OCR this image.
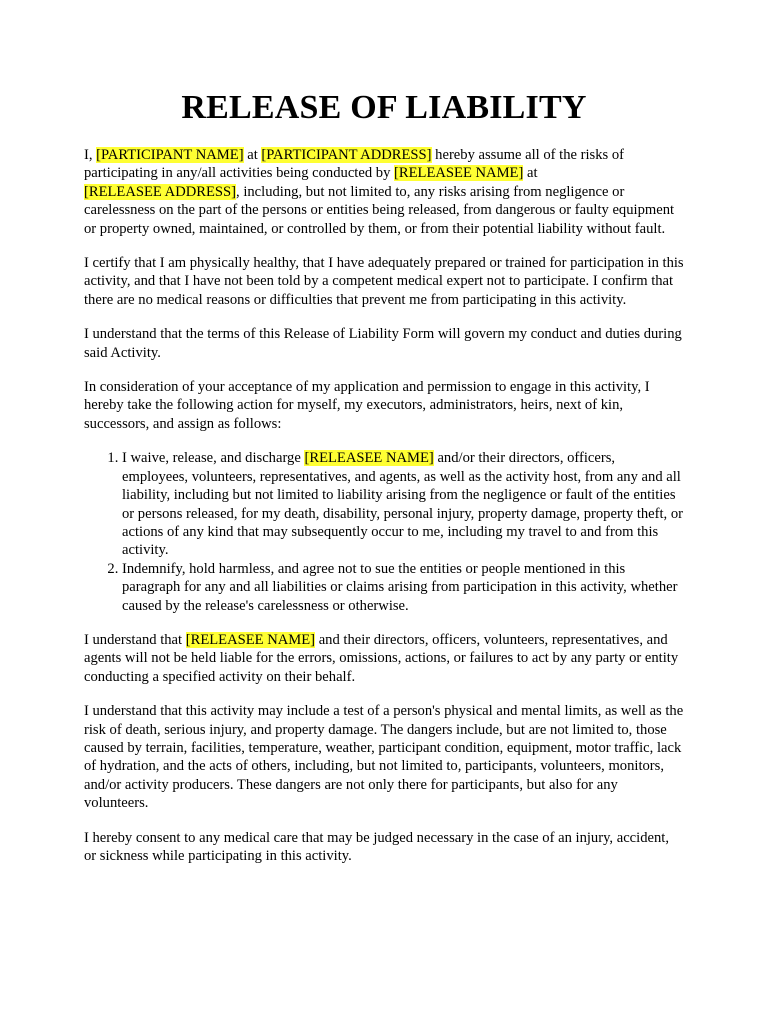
RELEASE OF LIABILITY

I, [PARTICIPANT NAME] at [PARTICIPANT ADDRESS] hereby assume all of the risks of participating in any/all activities being conducted by [RELEASEE NAME] at
[RELEASEE ADDRESS], including, but not limited to, any risks arising from negligence or carelessness on the part of the persons or entities being released, from dangerous or faulty equipment or property owned, maintained, or controlled by them, or from their potential liability without fault.

I certify that I am physically healthy, that I have adequately prepared or trained for participation in this activity, and that I have not been told by a competent medical expert not to participate. I confirm that there are no medical reasons or difficulties that prevent me from participating in this activity.

I understand that the terms of this Release of Liability Form will govern my conduct and duties during said Activity.

In consideration of your acceptance of my application and permission to engage in this activity, I hereby take the following action for myself, my executors, administrators, heirs, next of kin, successors, and assign as follows:

1. I waive, release, and discharge [RELEASEE NAME] and/or their directors, officers, employees, volunteers, representatives, and agents, as well as the activity host, from any and all liability, including but not limited to liability arising from the negligence or fault of the entities or persons released, for my death, disability, personal injury, property damage, property theft, or actions of any kind that may subsequently occur to me, including my travel to and from this activity.
2. Indemnify, hold harmless, and agree not to sue the entities or people mentioned in this paragraph for any and all liabilities or claims arising from participation in this activity, whether caused by the release's carelessness or otherwise.

I understand that [RELEASEE NAME] and their directors, officers, volunteers, representatives, and agents will not be held liable for the errors, omissions, actions, or failures to act by any party or entity conducting a specified activity on their behalf.

I understand that this activity may include a test of a person's physical and mental limits, as well as the risk of death, serious injury, and property damage. The dangers include, but are not limited to, those caused by terrain, facilities, temperature, weather, participant condition, equipment, motor traffic, lack of hydration, and the acts of others, including, but not limited to, participants, volunteers, monitors, and/or activity producers. These dangers are not only there for participants, but also for any volunteers.

I hereby consent to any medical care that may be judged necessary in the case of an injury, accident, or sickness while participating in this activity.
